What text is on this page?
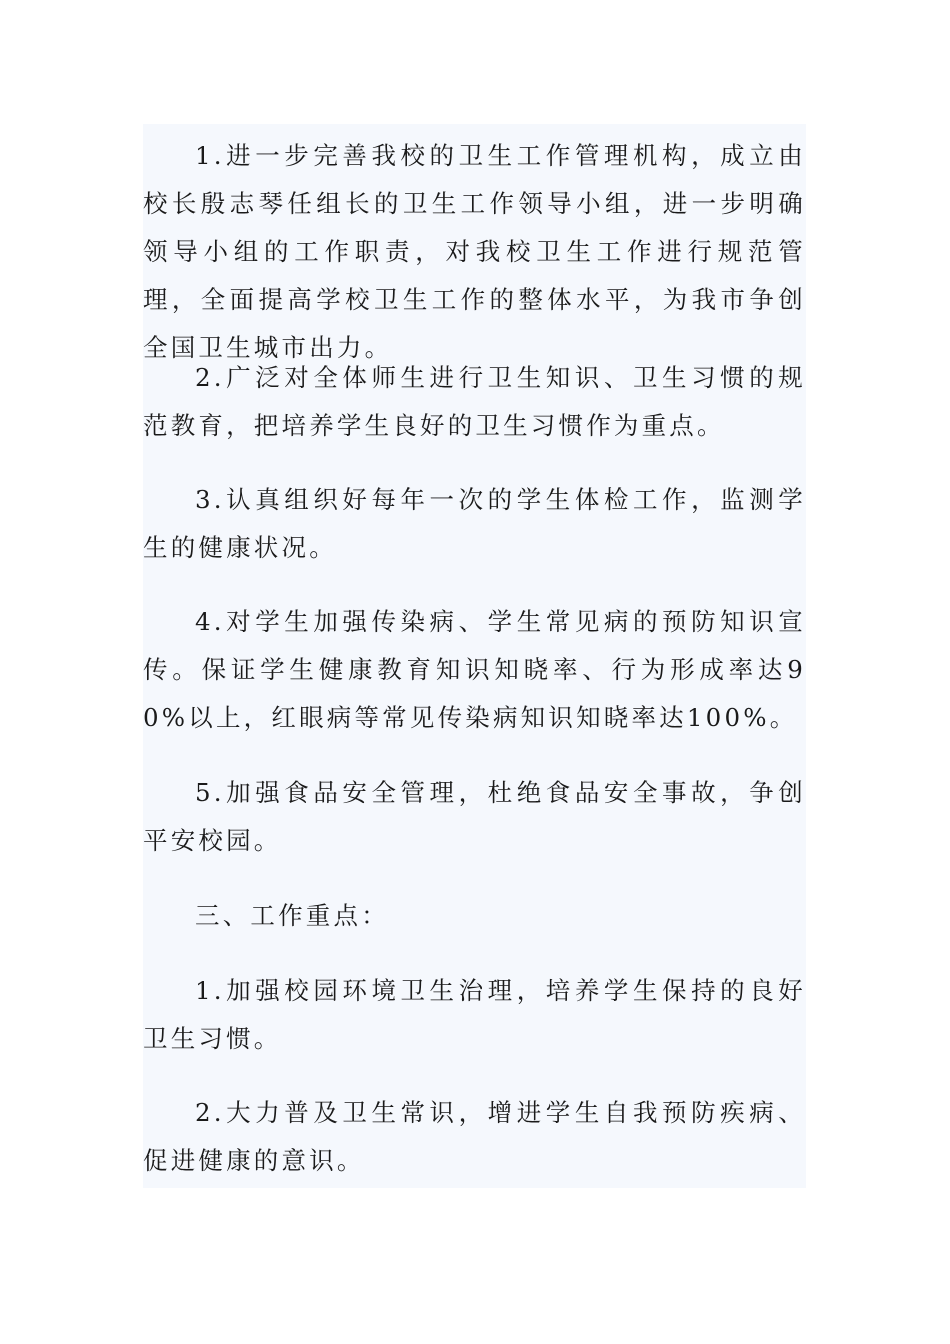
1.进一步完善我校的卫生工作管理机构，成立由校长殷志琴任组长的卫生工作领导小组，进一步明确领导小组的工作职责，对我校卫生工作进行规范管理，全面提高学校卫生工作的整体水平，为我市争创全国卫生城市出力。

2.广泛对全体师生进行卫生知识、卫生习惯的规范教育，把培养学生良好的卫生习惯作为重点。

3.认真组织好每年一次的学生体检工作，监测学生的健康状况。

4.对学生加强传染病、学生常见病的预防知识宣传。保证学生健康教育知识知晓率、行为形成率达90%以上，红眼病等常见传染病知识知晓率达100%。

5.加强食品安全管理，杜绝食品安全事故，争创平安校园。

三、工作重点：

1.加强校园环境卫生治理，培养学生保持的良好卫生习惯。

2.大力普及卫生常识，增进学生自我预防疾病、促进健康的意识。
